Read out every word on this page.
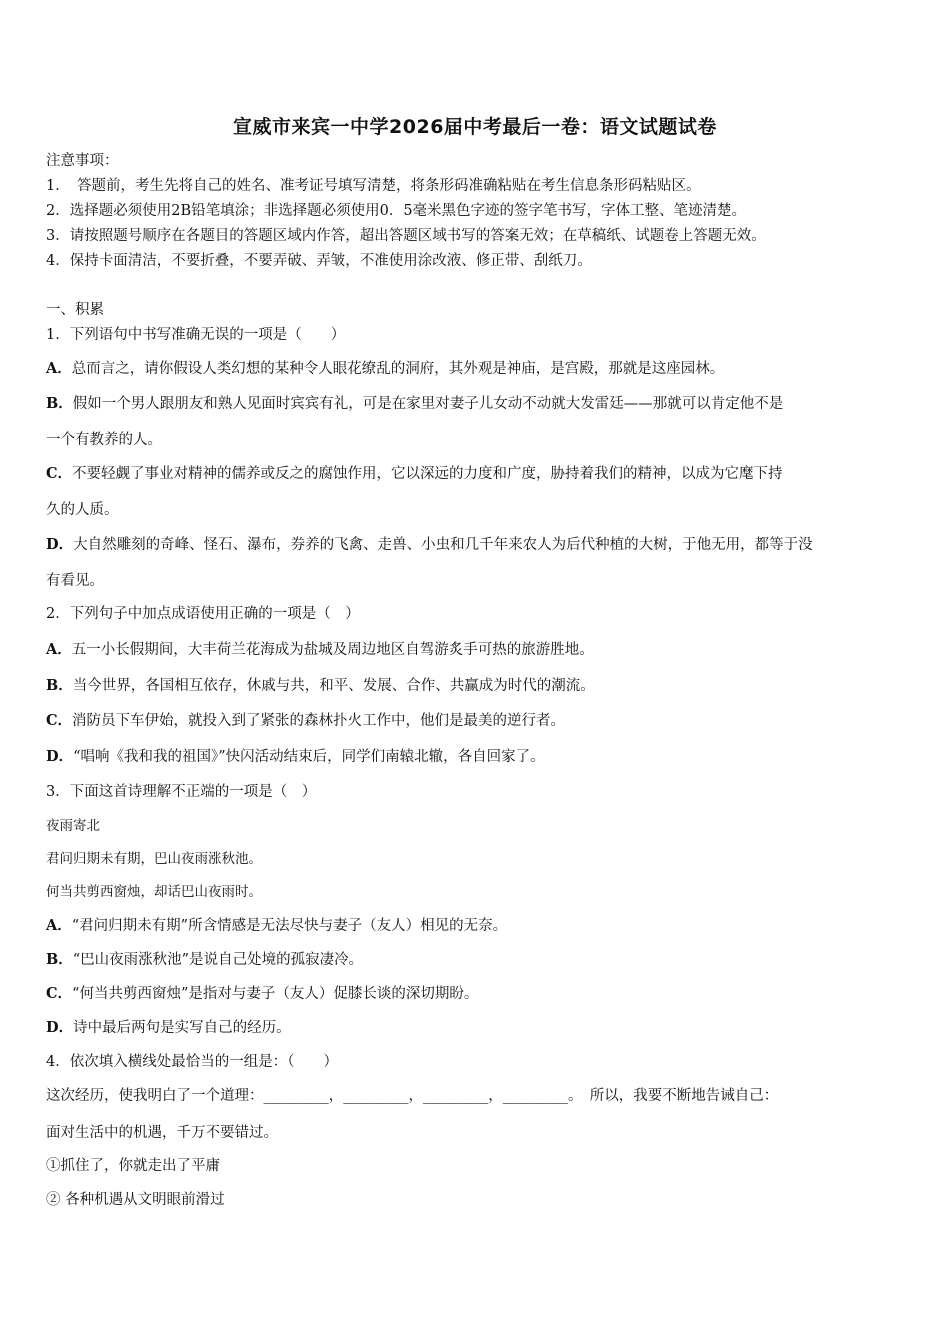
宣威市来宾一中学2026届中考最后一卷：语文试题试卷
注意事项：
1．　答题前，考生先将自己的姓名、准考证号填写清楚，将条形码准确粘贴在考生信息条形码粘贴区。
2．选择题必须使用2B铅笔填涂；非选择题必须使用0．5毫米黑色字迹的签字笔书写，字体工整、笔迹清楚。
3．请按照题号顺序在各题目的答题区域内作答，超出答题区域书写的答案无效；在草稿纸、试题卷上答题无效。
4．保持卡面清洁，不要折叠，不要弄破、弄皱，不准使用涂改液、修正带、刮纸刀。
一、积累
1．下列语句中书写准确无误的一项是（　　）
A．总而言之，请你假设人类幻想的某种令人眼花缭乱的洞府，其外观是神庙，是宫殿，那就是这座园林。
B．假如一个男人跟朋友和熟人见面时宾宾有礼，可是在家里对妻子儿女动不动就大发雷廷——那就可以肯定他不是
一个有教养的人。
C．不要轻觑了事业对精神的儒养或反之的腐蚀作用，它以深远的力度和广度，胁持着我们的精神，以成为它麾下持
久的人质。
D．大自然雕刻的奇峰、怪石、瀑布，券养的飞禽、走兽、小虫和几千年来农人为后代种植的大树，于他无用，都等于没
有看见。
2．下列句子中加点成语使用正确的一项是（　）
A．五一小长假期间，大丰荷兰花海成为盐城及周边地区自驾游炙手可热的旅游胜地。
B．当今世界，各国相互依存，休戚与共，和平、发展、合作、共赢成为时代的潮流。
C．消防员下车伊始，就投入到了紧张的森林扑火工作中，他们是最美的逆行者。
D．“唱响《我和我的祖国》”快闪活动结束后，同学们南辕北辙，各自回家了。
3．下面这首诗理解不正端的一项是（　）
夜雨寄北
君问归期未有期，巴山夜雨涨秋池。
何当共剪西窗烛，却话巴山夜雨时。
A．“君问归期未有期”所含情感是无法尽快与妻子（友人）相见的无奈。
B．“巴山夜雨涨秋池”是说自己处境的孤寂凄冷。
C．“何当共剪西窗烛”是指对与妻子（友人）促膝长谈的深切期盼。
D．诗中最后两句是实写自己的经历。
4．依次填入横线处最恰当的一组是：（　　）
这次经历，使我明白了一个道理：_________，_________，_________，_________。　所以，我要不断地告诫自己：
面对生活中的机遇，千万不要错过。
①抓住了，你就走出了平庸
② 各种机遇从文明眼前滑过
